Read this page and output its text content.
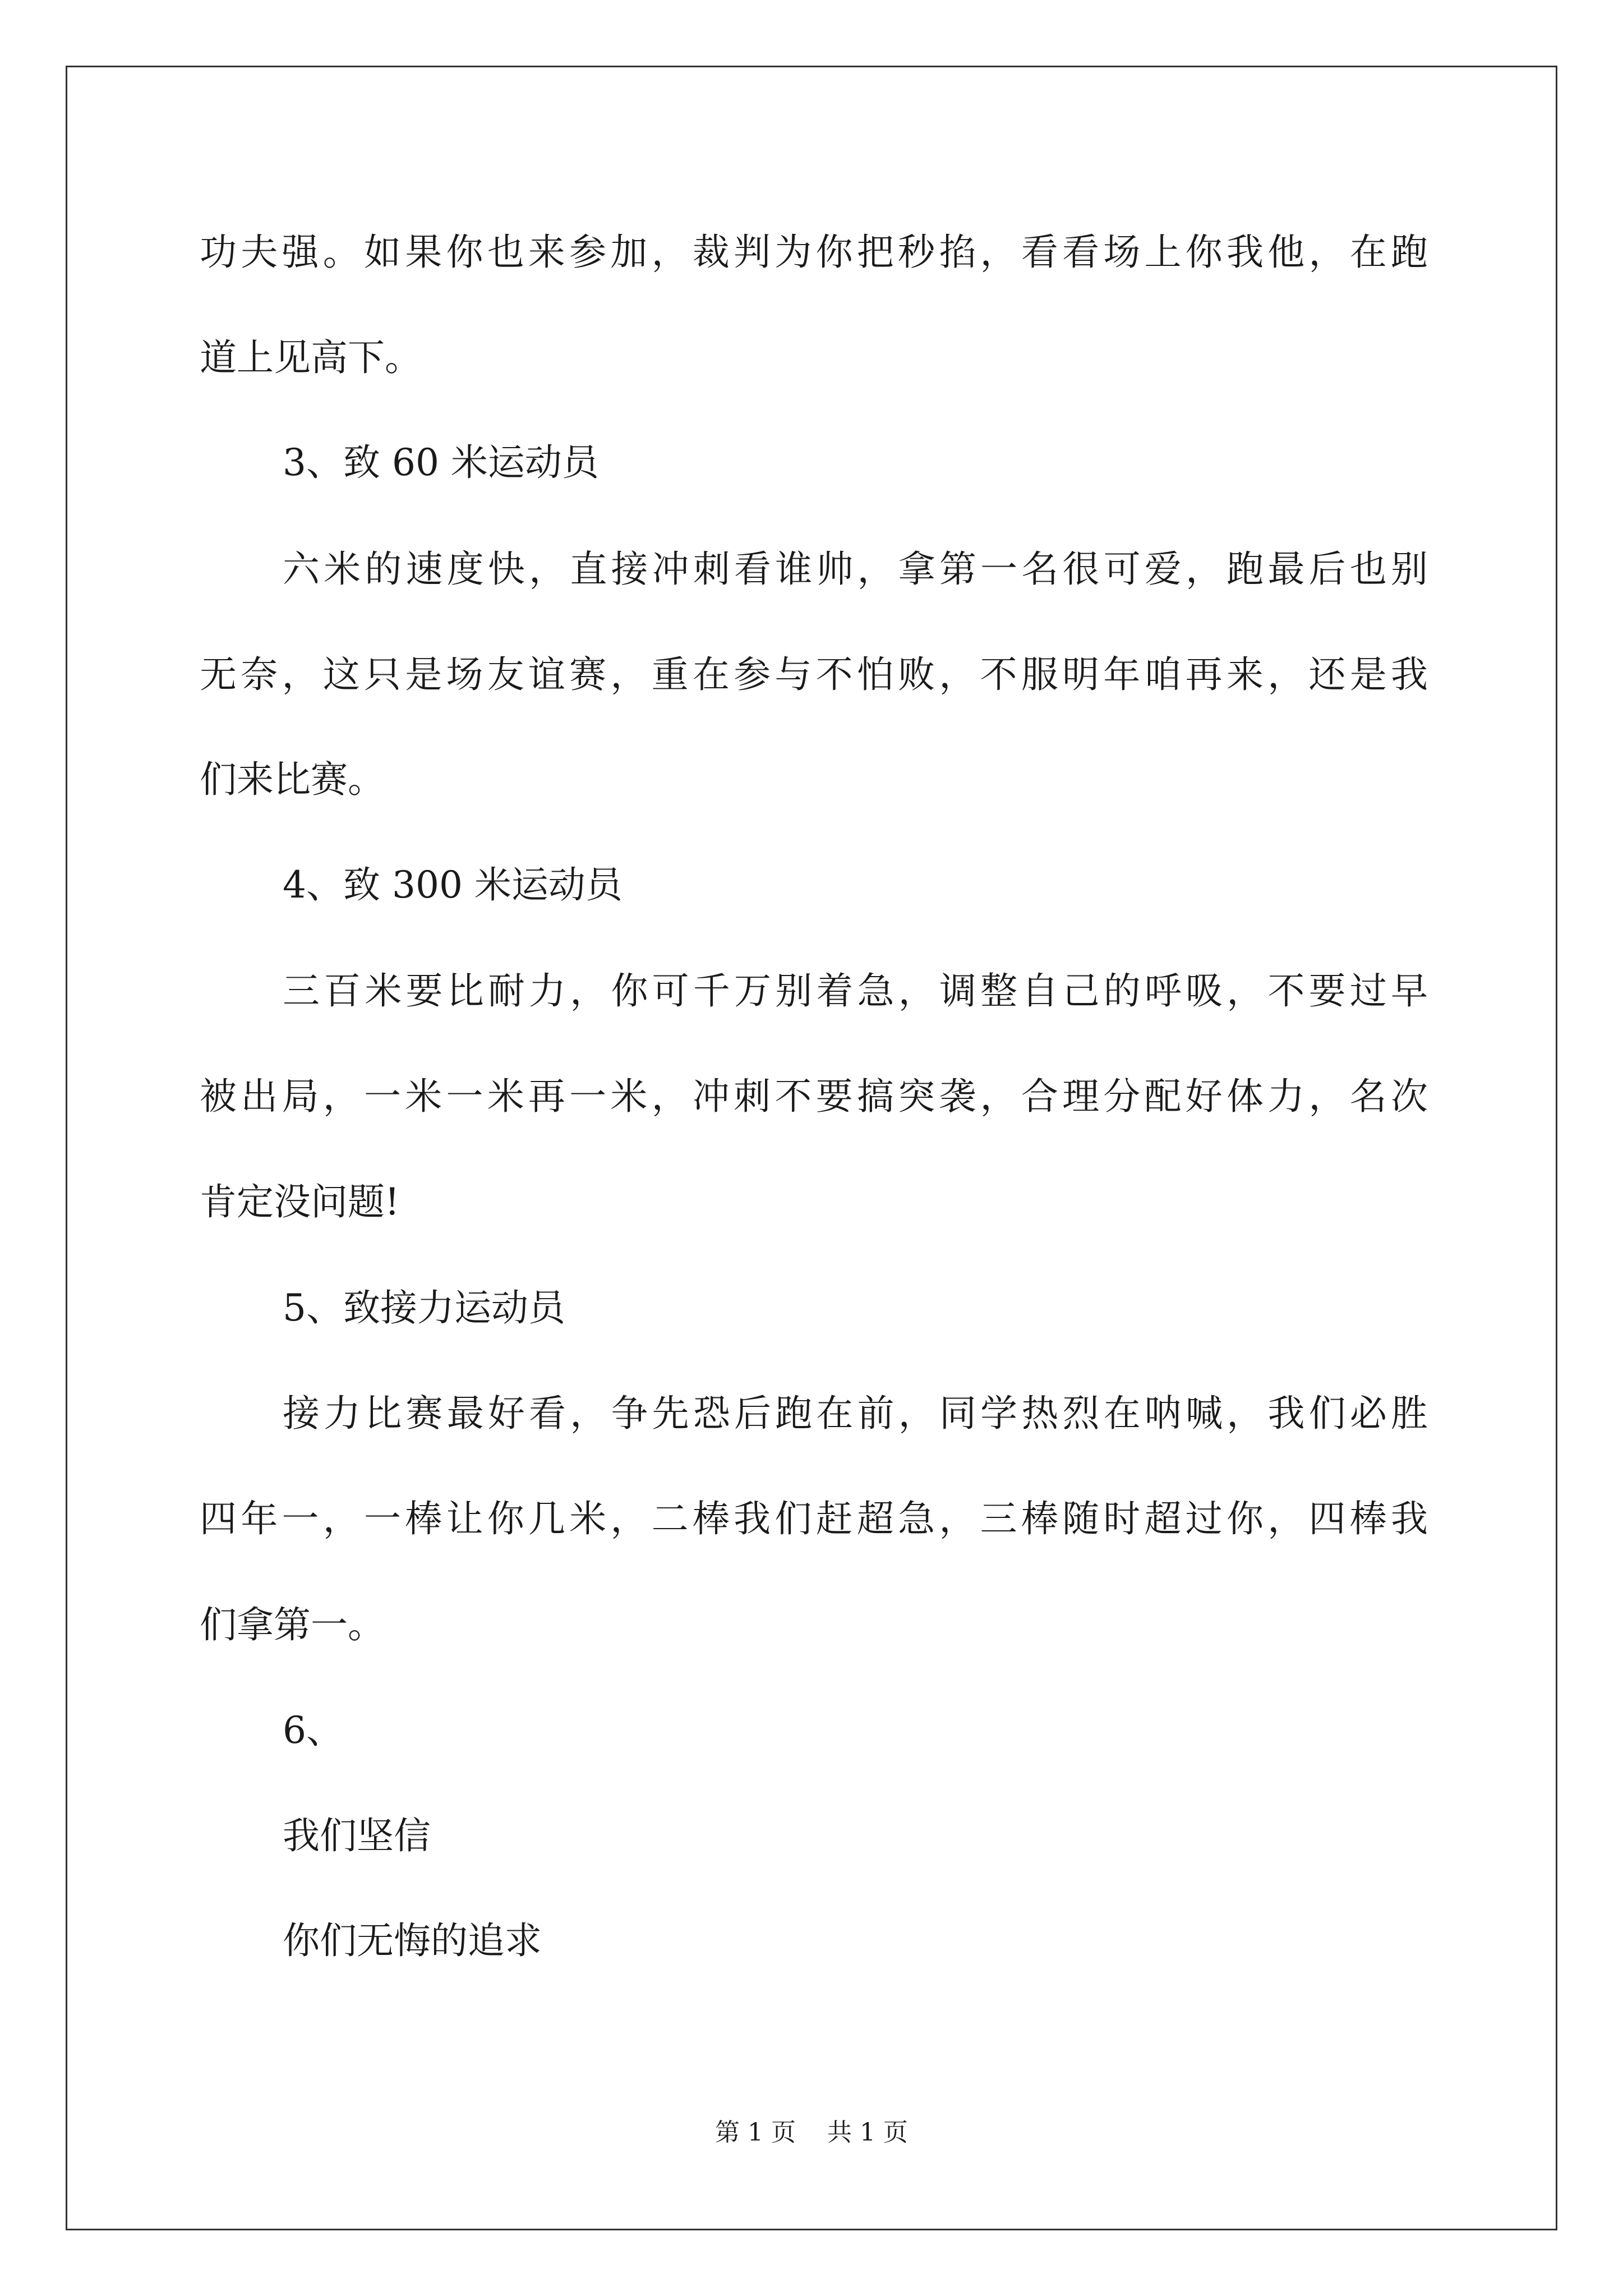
功夫强。如果你也来参加，裁判为你把秒掐，看看场上你我他，在跑
道上见高下。
3、致 60 米运动员
六米的速度快，直接冲刺看谁帅，拿第一名很可爱，跑最后也别
无奈，这只是场友谊赛，重在参与不怕败，不服明年咱再来，还是我
们来比赛。
4、致 300 米运动员
三百米要比耐力，你可千万别着急，调整自己的呼吸，不要过早
被出局，一米一米再一米，冲刺不要搞突袭，合理分配好体力，名次
肯定没问题!
5、致接力运动员
接力比赛最好看，争先恐后跑在前，同学热烈在呐喊，我们必胜
四年一，一棒让你几米，二棒我们赶超急，三棒随时超过你，四棒我
们拿第一。
6、
我们坚信
你们无悔的追求
第 1 页    共 1 页
